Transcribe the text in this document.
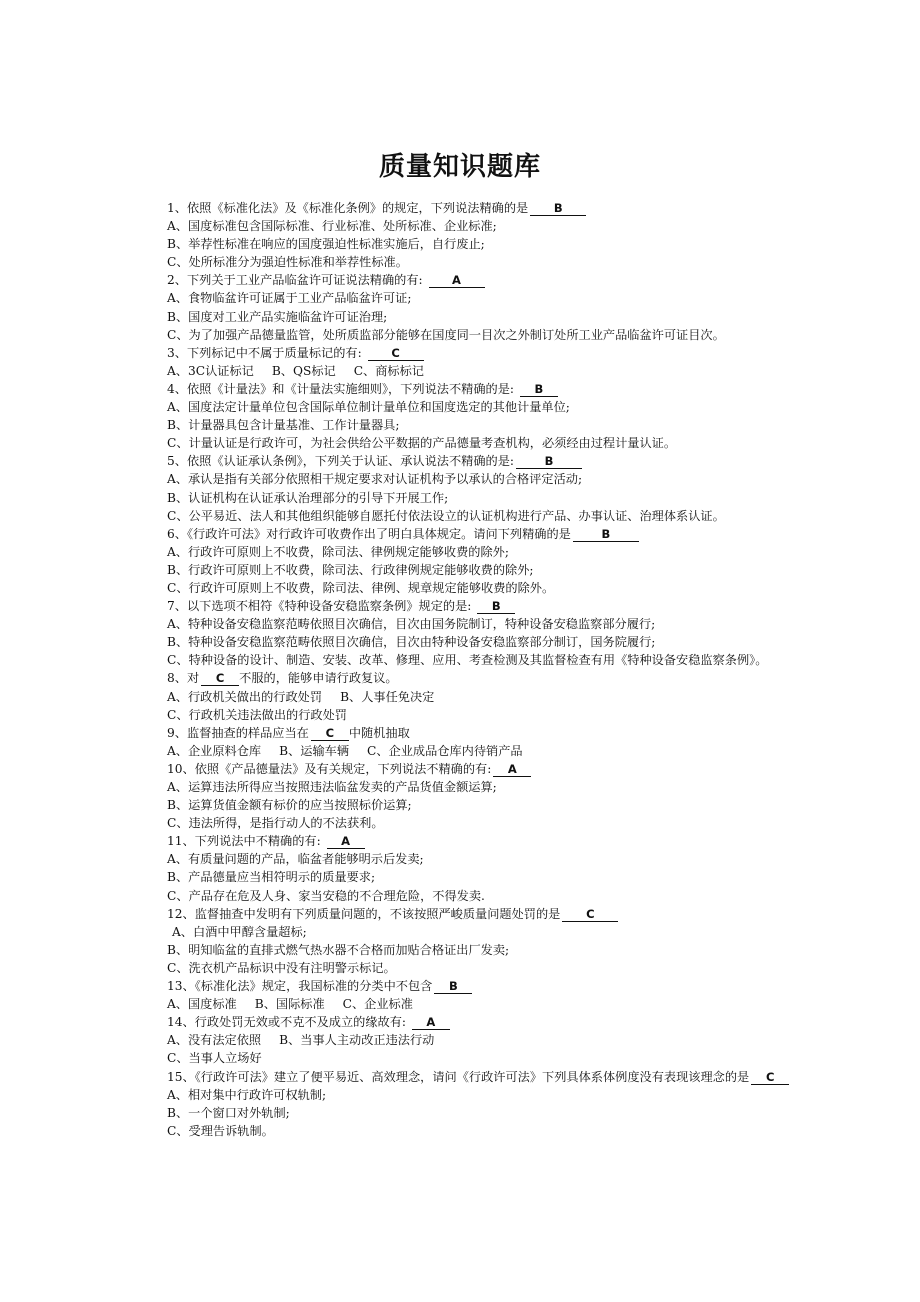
质量知识题库
1、依照《标准化法》及《标准化条例》的规定，下列说法精确的是 B
A、国度标准包含国际标准、行业标准、处所标准、企业标准;
B、举荐性标准在响应的国度强迫性标准实施后，自行废止;
C、处所标准分为强迫性标准和举荐性标准。
2、下列关于工业产品临盆许可证说法精确的有:	A
A、食物临盆许可证属于工业产品临盆许可证;
B、国度对工业产品实施临盆许可证治理;
C、为了加强产品德量监管，处所质监部分能够在国度同一目次之外制订处所工业产品临盆许可证目次。
3、下列标记中不属于质量标记的有:	C
A、3C认证标记 B、QS标记 C、商标标记
4、依照《计量法》和《计量法实施细则》，下列说法不精确的是: B
A、国度法定计量单位包含国际单位制计量单位和国度选定的其他计量单位;
B、计量器具包含计量基准、工作计量器具;
C、计量认证是行政许可，为社会供给公平数据的产品德量考查机构，必须经由过程计量认证。
5、依照《认证承认条例》，下列关于认证、承认说法不精确的是:	B
A、承认是指有关部分依照相干规定要求对认证机构予以承认的合格评定活动;
B、认证机构在认证承认治理部分的引导下开展工作;
C、公平易近、法人和其他组织能够自愿托付依法设立的认证机构进行产品、办事认证、治理体系认证。
6、《行政许可法》对行政许可收费作出了明白具体规定。请问下列精确的是	B
A、行政许可原则上不收费，除司法、律例规定能够收费的除外;
B、行政许可原则上不收费，除司法、行政律例规定能够收费的除外;
C、行政许可原则上不收费，除司法、律例、规章规定能够收费的除外。
7、以下选项不相符《特种设备安稳监察条例》规定的是: B
A、特种设备安稳监察范畴依照目次确信，目次由国务院制订，特种设备安稳监察部分履行;
B、特种设备安稳监察范畴依照目次确信，目次由特种设备安稳监察部分制订，国务院履行;
C、特种设备的设计、制造、安装、改革、修理、应用、考查检测及其监督检查有用《特种设备安稳监察条例》。
8、对 C 不服的，能够申请行政复议。
A、行政机关做出的行政处罚 B、人事任免决定
C、行政机关违法做出的行政处罚
9、监督抽查的样品应当在 C 中随机抽取
A、企业原料仓库 B、运输车辆 C、企业成品仓库内待销产品
10、依照《产品德量法》及有关规定，下列说法不精确的有: A
A、运算违法所得应当按照违法临盆发卖的产品货值金额运算;
B、运算货值金额有标价的应当按照标价运算;
C、违法所得，是指行动人的不法获利。
11、下列说法中不精确的有: A
A、有质量问题的产品，临盆者能够明示后发卖;
B、产品德量应当相符明示的质量要求;
C、产品存在危及人身、家当安稳的不合理危险，不得发卖.
12、监督抽查中发明有下列质量问题的，不该按照严峻质量问题处罚的是 C
A、白酒中甲醇含量超标;
B、明知临盆的直排式燃气热水器不合格而加贴合格证出厂发卖;
C、洗衣机产品标识中没有注明警示标记。
13、《标准化法》规定，我国标准的分类中不包含 B
A、国度标准 B、国际标准 C、企业标准
14、行政处罚无效或不克不及成立的缘故有: A
A、没有法定依照 B、当事人主动改正违法行动
C、当事人立场好
15、《行政许可法》建立了便平易近、高效理念，请问《行政许可法》下列具体系体例度没有表现该理念的是 C
A、相对集中行政许可权轨制;
B、一个窗口对外轨制;
C、受理告诉轨制。
